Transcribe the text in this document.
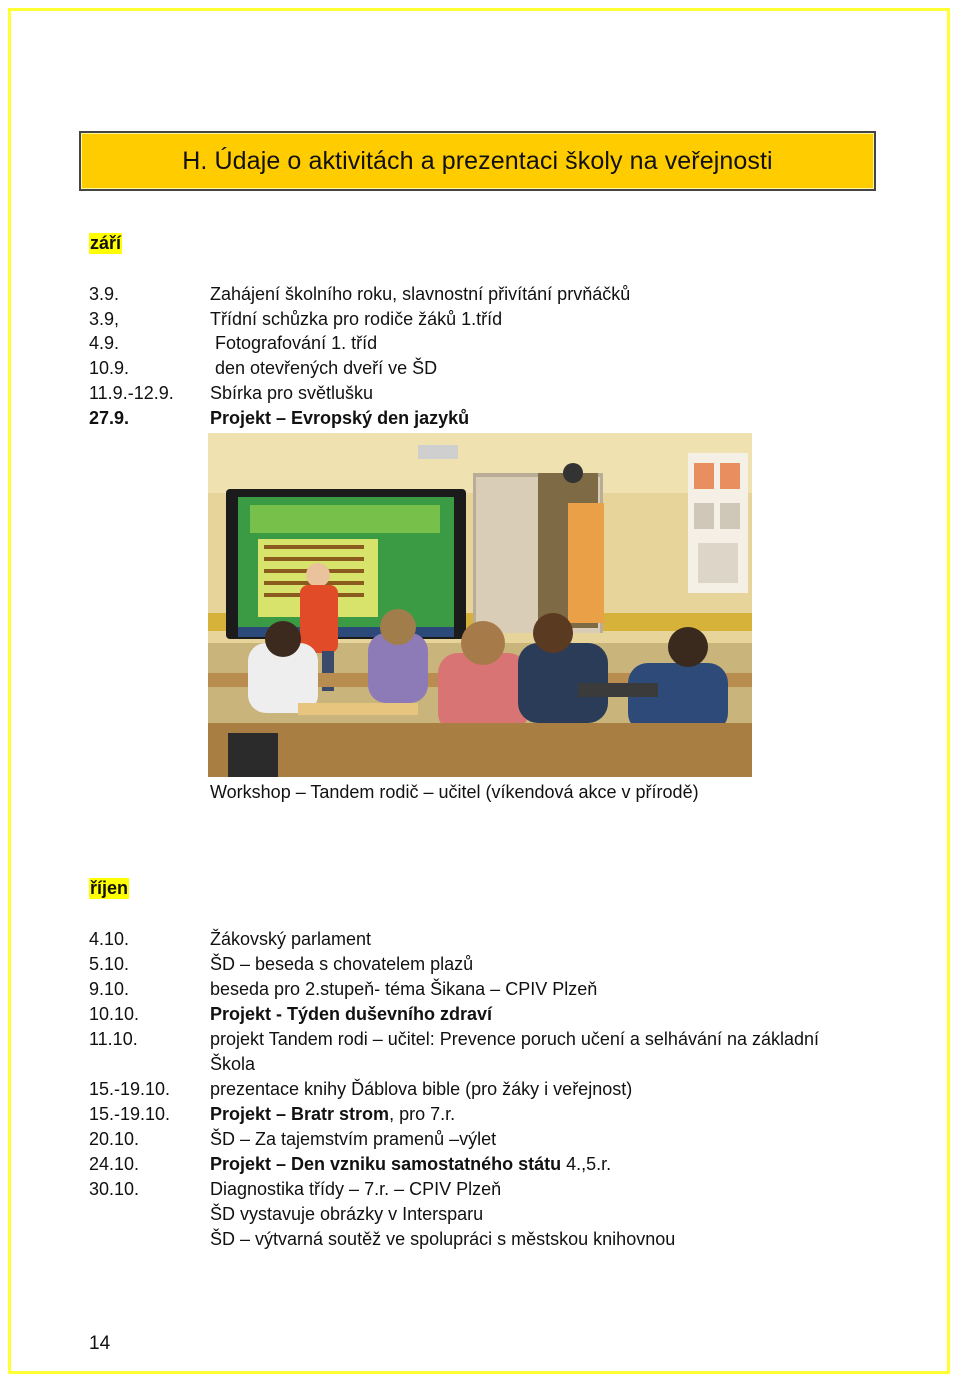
H. Údaje o aktivitách a prezentaci školy na veřejnosti
září
3.9.	Zahájení školního roku, slavnostní přivítání prvňáčků
3.9,	Třídní schůzka pro rodiče žáků 1.tříd
4.9.	Fotografování 1. tříd
10.9.	den otevřených dveří ve ŠD
11.9.-12.9. Sbírka pro světlušku
27.9.	Projekt – Evropský den jazyků
Workshop – Tandem rodič – učitel (víkendová akce v přírodě)
říjen
4.10.	Žákovský parlament
5.10.	ŠD – beseda s chovatelem plazů
9.10.	beseda pro 2.stupeň- téma Šikana – CPIV Plzeň
10.10.	Projekt - Týden duševního zdraví
11.10.	projekt Tandem rodi – učitel: Prevence poruch učení a selhávání na základní
Škola
15.-19.10. prezentace knihy Ďáblova bible (pro žáky i veřejnost)
15.-19.10. Projekt – Bratr strom, pro 7.r.
20.10.	ŠD – Za tajemstvím pramenů –výlet
24.10.	Projekt – Den vzniku samostatného státu 4.,5.r.
30.10.	Diagnostika třídy – 7.r. – CPIV Plzeň
ŠD vystavuje obrázky v Intersparu
ŠD – výtvarná soutěž ve spolupráci s městskou knihovnou
14
